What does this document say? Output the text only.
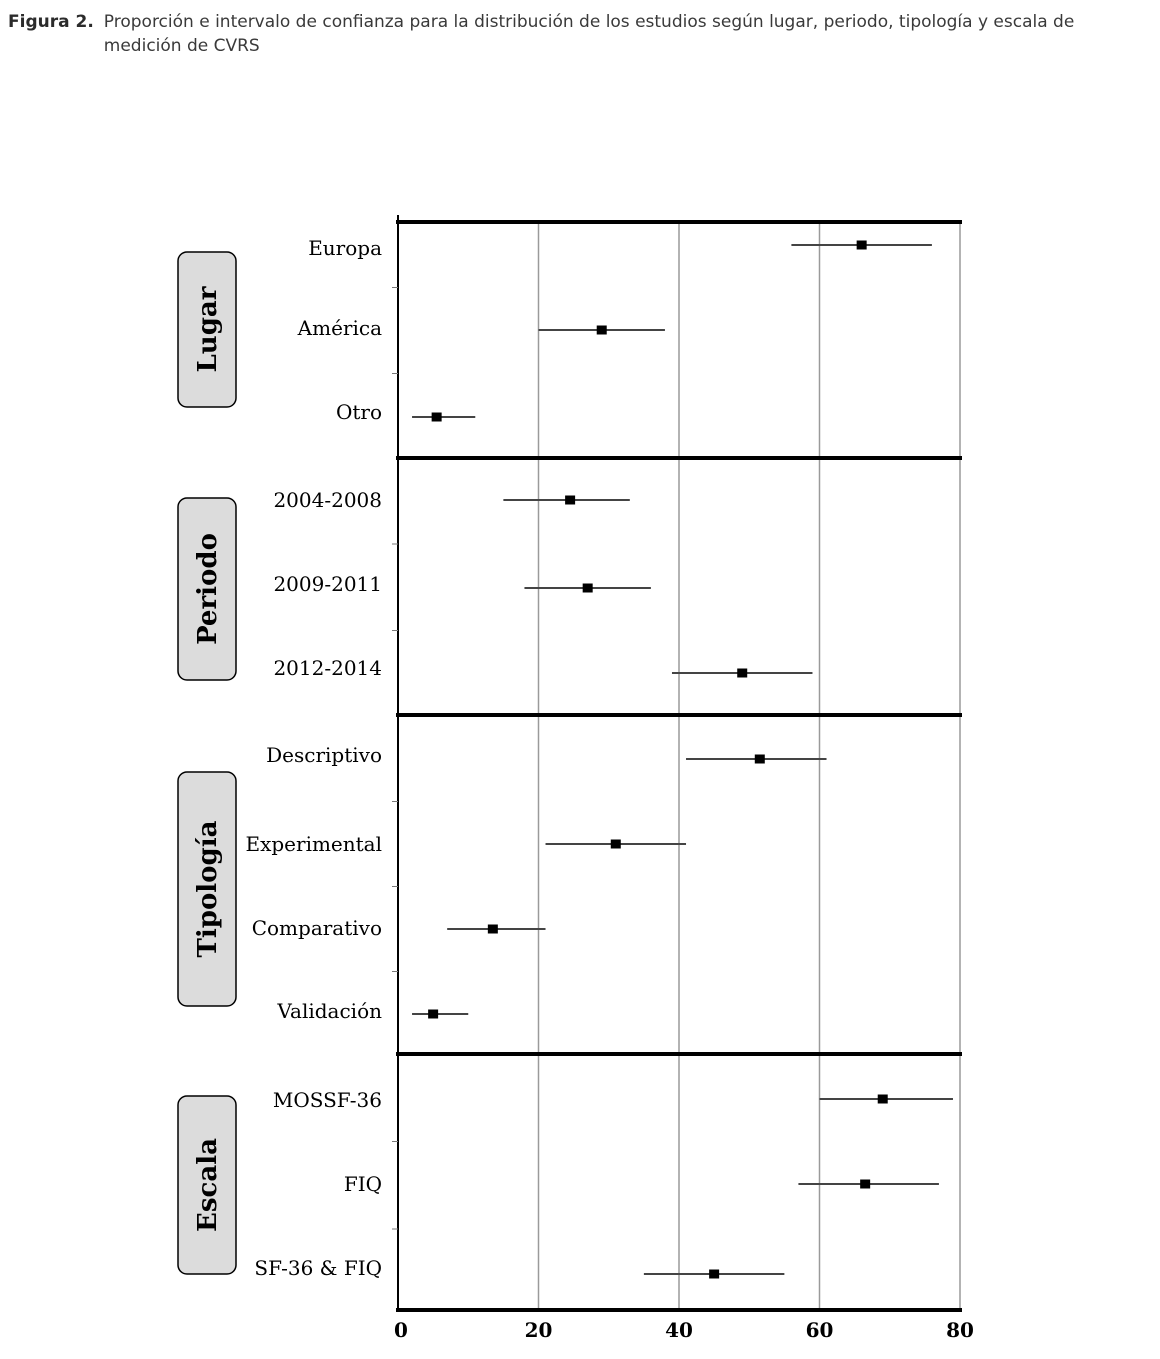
Figura 2. Proporción e intervalo de confianza para la distribución de los estudios según lugar, periodo, tipología y escala de medición de CVRS
0	20	40	60	80
Lugar
Europa
América
Otro
Periodo
2004-2008
2009-2011
2012-2014
Tipología
Descriptivo
Experimental
Comparativo
Validación
Escala
MOSSF-36
FIQ
SF-36 & FIQ
